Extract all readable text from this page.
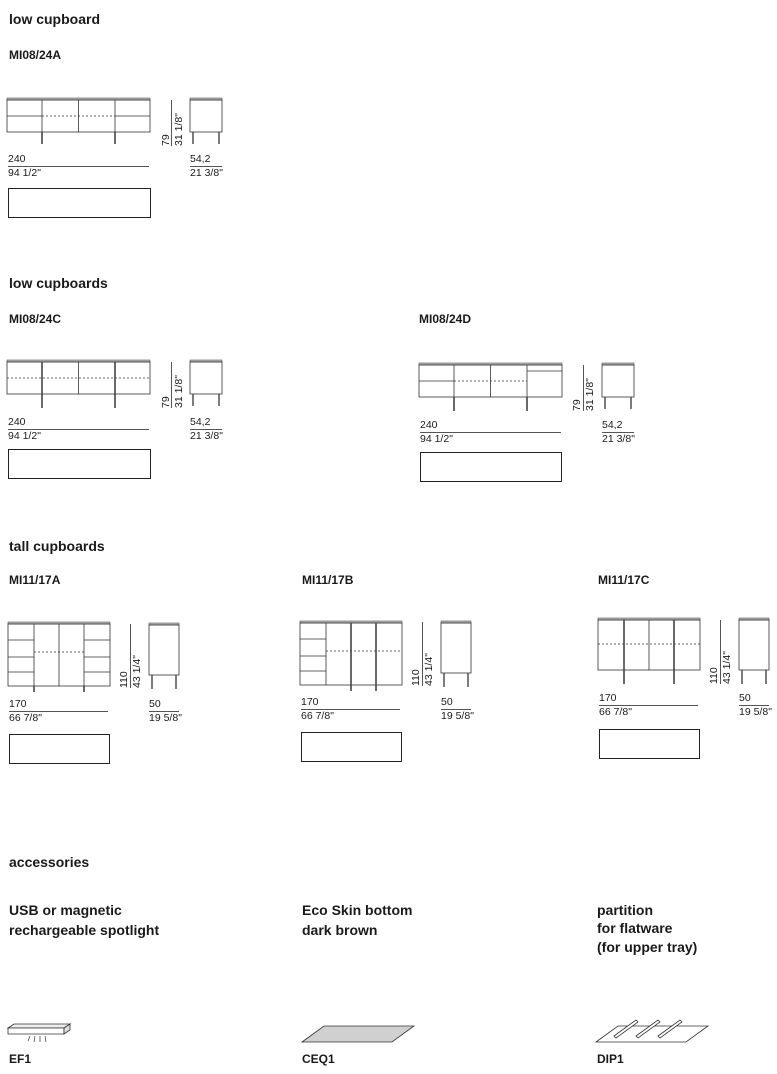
low cupboard
MI08/24A
79 31 1/8"
240
94 1/2"
54,2
21 3/8"
low cupboards
MI08/24C
79 31 1/8"
240
94 1/2"
54,2
21 3/8"
MI08/24D
79 31 1/8"
240
94 1/2"
54,2
21 3/8"
tall cupboards
MI11/17A
110 43 1/4"
170
66 7/8"
50
19 5/8"
MI11/17B
110 43 1/4"
170
66 7/8"
50
19 5/8"
MI11/17C
110 43 1/4"
170
66 7/8"
50
19 5/8"
accessories
USB or magnetic
rechargeable spotlight
EF1
Eco Skin bottom
dark brown
CEQ1
partition
for flatware
(for upper tray)
DIP1
